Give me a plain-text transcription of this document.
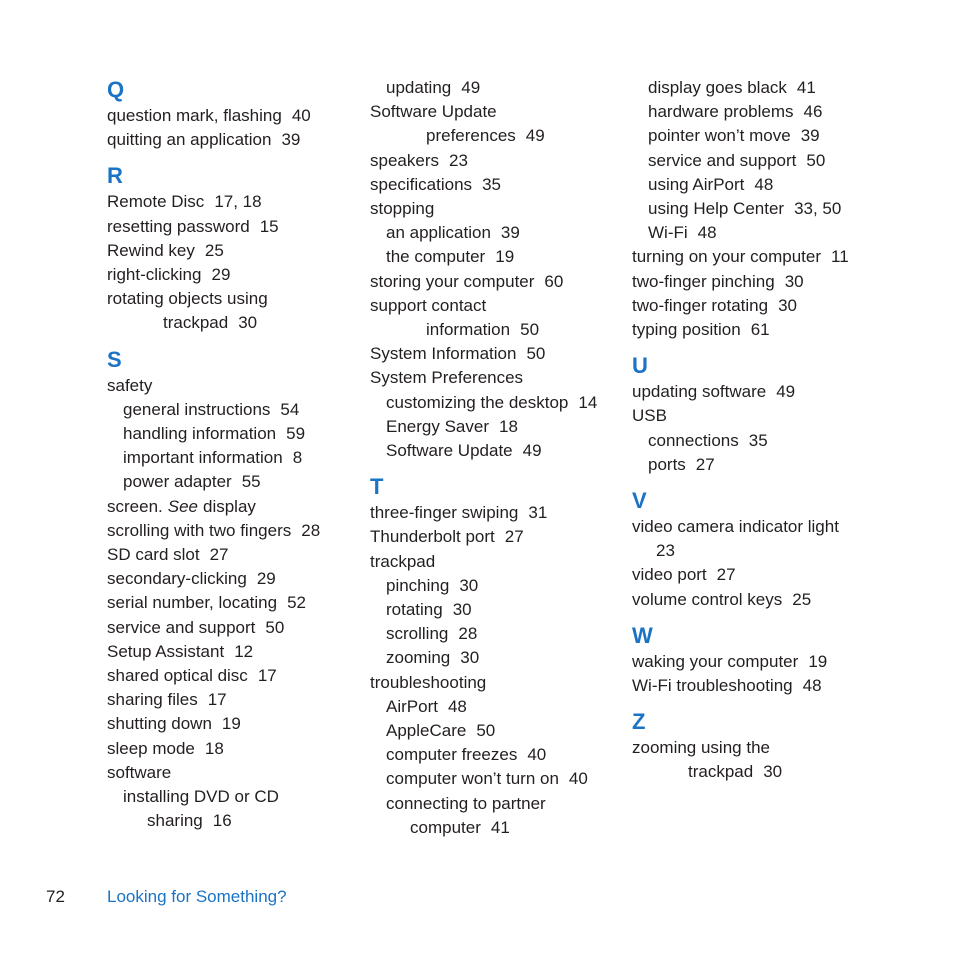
Q
question mark, flashing 40
quitting an application 39
R
Remote Disc 17, 18
resetting password 15
Rewind key 25
right-clicking 29
rotating objects using
trackpad 30
S
safety
general instructions 54
handling information 59
important information 8
power adapter 55
screen. See display
scrolling with two fingers 28
SD card slot 27
secondary-clicking 29
serial number, locating 52
service and support 50
Setup Assistant 12
shared optical disc 17
sharing files 17
shutting down 19
sleep mode 18
software
installing DVD or CD
sharing 16
updating 49
Software Update
preferences 49
speakers 23
specifications 35
stopping
an application 39
the computer 19
storing your computer 60
support contact
information 50
System Information 50
System Preferences
customizing the desktop 14
Energy Saver 18
Software Update 49
T
three-finger swiping 31
Thunderbolt port 27
trackpad
pinching 30
rotating 30
scrolling 28
zooming 30
troubleshooting
AirPort 48
AppleCare 50
computer freezes 40
computer won’t turn on 40
connecting to partner
computer 41
display goes black 41
hardware problems 46
pointer won’t move 39
service and support 50
using AirPort 48
using Help Center 33, 50
Wi-Fi 48
turning on your computer 11
two-finger pinching 30
two-finger rotating 30
typing position 61
U
updating software 49
USB
connections 35
ports 27
V
video camera indicator light
23
video port 27
volume control keys 25
W
waking your computer 19
Wi-Fi troubleshooting 48
Z
zooming using the
trackpad 30
72 Looking for Something?
